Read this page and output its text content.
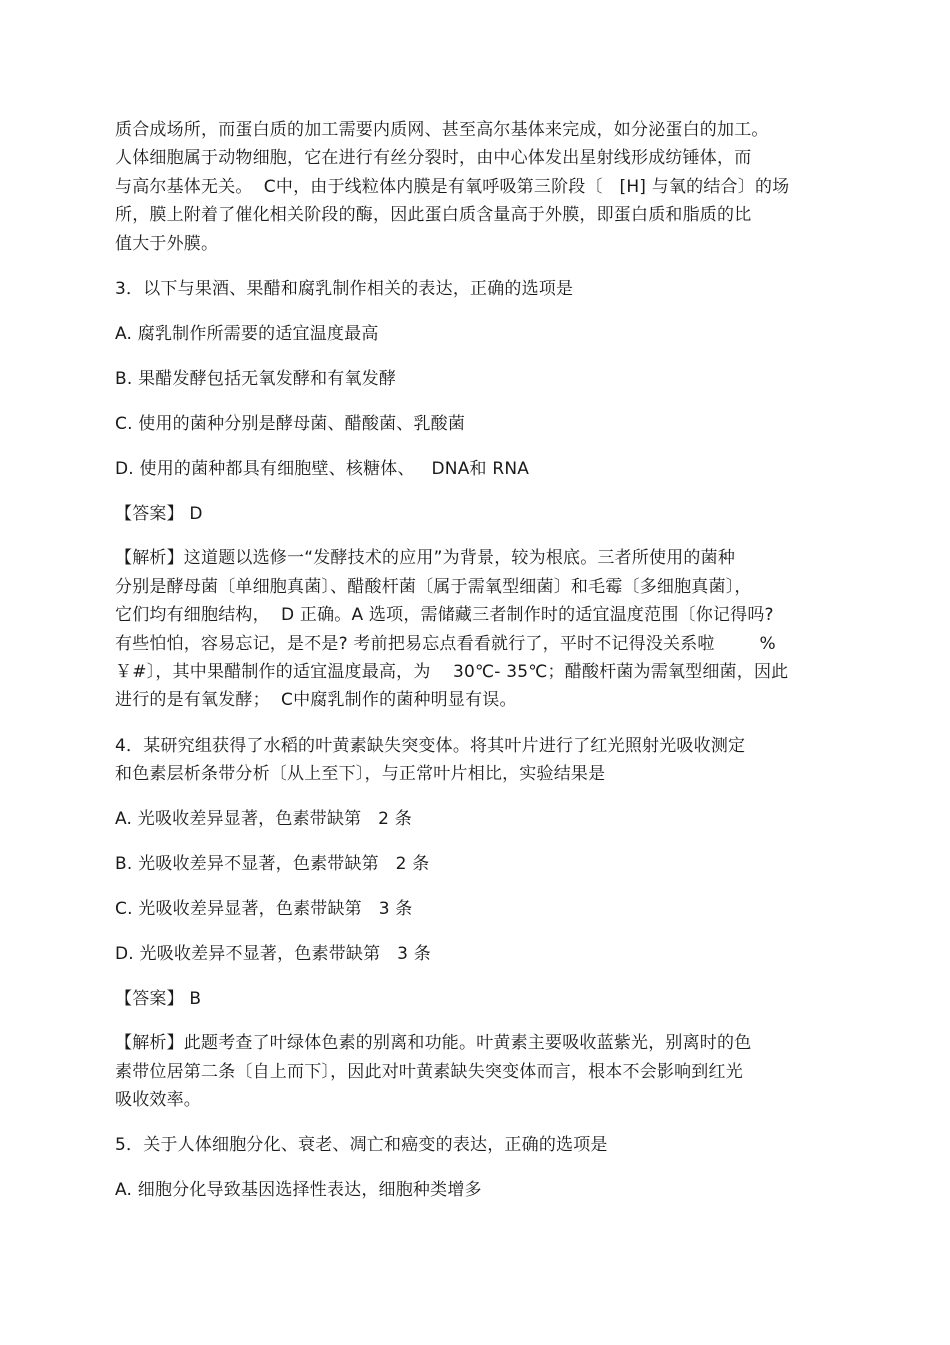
质合成场所，而蛋白质的加工需要内质网、甚至高尔基体来完成，如分泌蛋白的加工。
人体细胞属于动物细胞，它在进行有丝分裂时，由中心体发出星射线形成纺锤体，而
与高尔基体无关。  C中，由于线粒体内膜是有氧呼吸第三阶段〔   [H] 与氧的结合〕的场
所，膜上附着了催化相关阶段的酶，因此蛋白质含量高于外膜，即蛋白质和脂质的比
值大于外膜。
3．以下与果酒、果醋和腐乳制作相关的表达，正确的选项是
A. 腐乳制作所需要的适宜温度最高
B. 果醋发酵包括无氧发酵和有氧发酵
C. 使用的菌种分别是酵母菌、醋酸菌、乳酸菌
D. 使用的菌种都具有细胞壁、核糖体、   DNA和 RNA
【答案】 D
【解析】这道题以选修一“发酵技术的应用”为背景，较为根底。三者所使用的菌种
分别是酵母菌〔单细胞真菌〕、醋酸杆菌〔属于需氧型细菌〕和毛霉〔多细胞真菌〕，
它们均有细胞结构，  D 正确。A 选项，需储藏三者制作时的适宜温度范围〔你记得吗?
有些怕怕，容易忘记，是不是? 考前把易忘点看看就行了，平时不记得没关系啦        %
￥#〕，其中果醋制作的适宜温度最高，为    30℃- 35℃；醋酸杆菌为需氧型细菌，因此
进行的是有氧发酵；  C中腐乳制作的菌种明显有误。
4．某研究组获得了水稻的叶黄素缺失突变体。将其叶片进行了红光照射光吸收测定
和色素层析条带分析〔从上至下〕，与正常叶片相比，实验结果是
A. 光吸收差异显著，色素带缺第   2 条
B. 光吸收差异不显著，色素带缺第   2 条
C. 光吸收差异显著，色素带缺第   3 条
D. 光吸收差异不显著，色素带缺第   3 条
【答案】 B
【解析】此题考查了叶绿体色素的别离和功能。叶黄素主要吸收蓝紫光，别离时的色
素带位居第二条〔自上而下〕，因此对叶黄素缺失突变体而言，根本不会影响到红光
吸收效率。
5．关于人体细胞分化、衰老、凋亡和癌变的表达，正确的选项是
A. 细胞分化导致基因选择性表达，细胞种类增多
